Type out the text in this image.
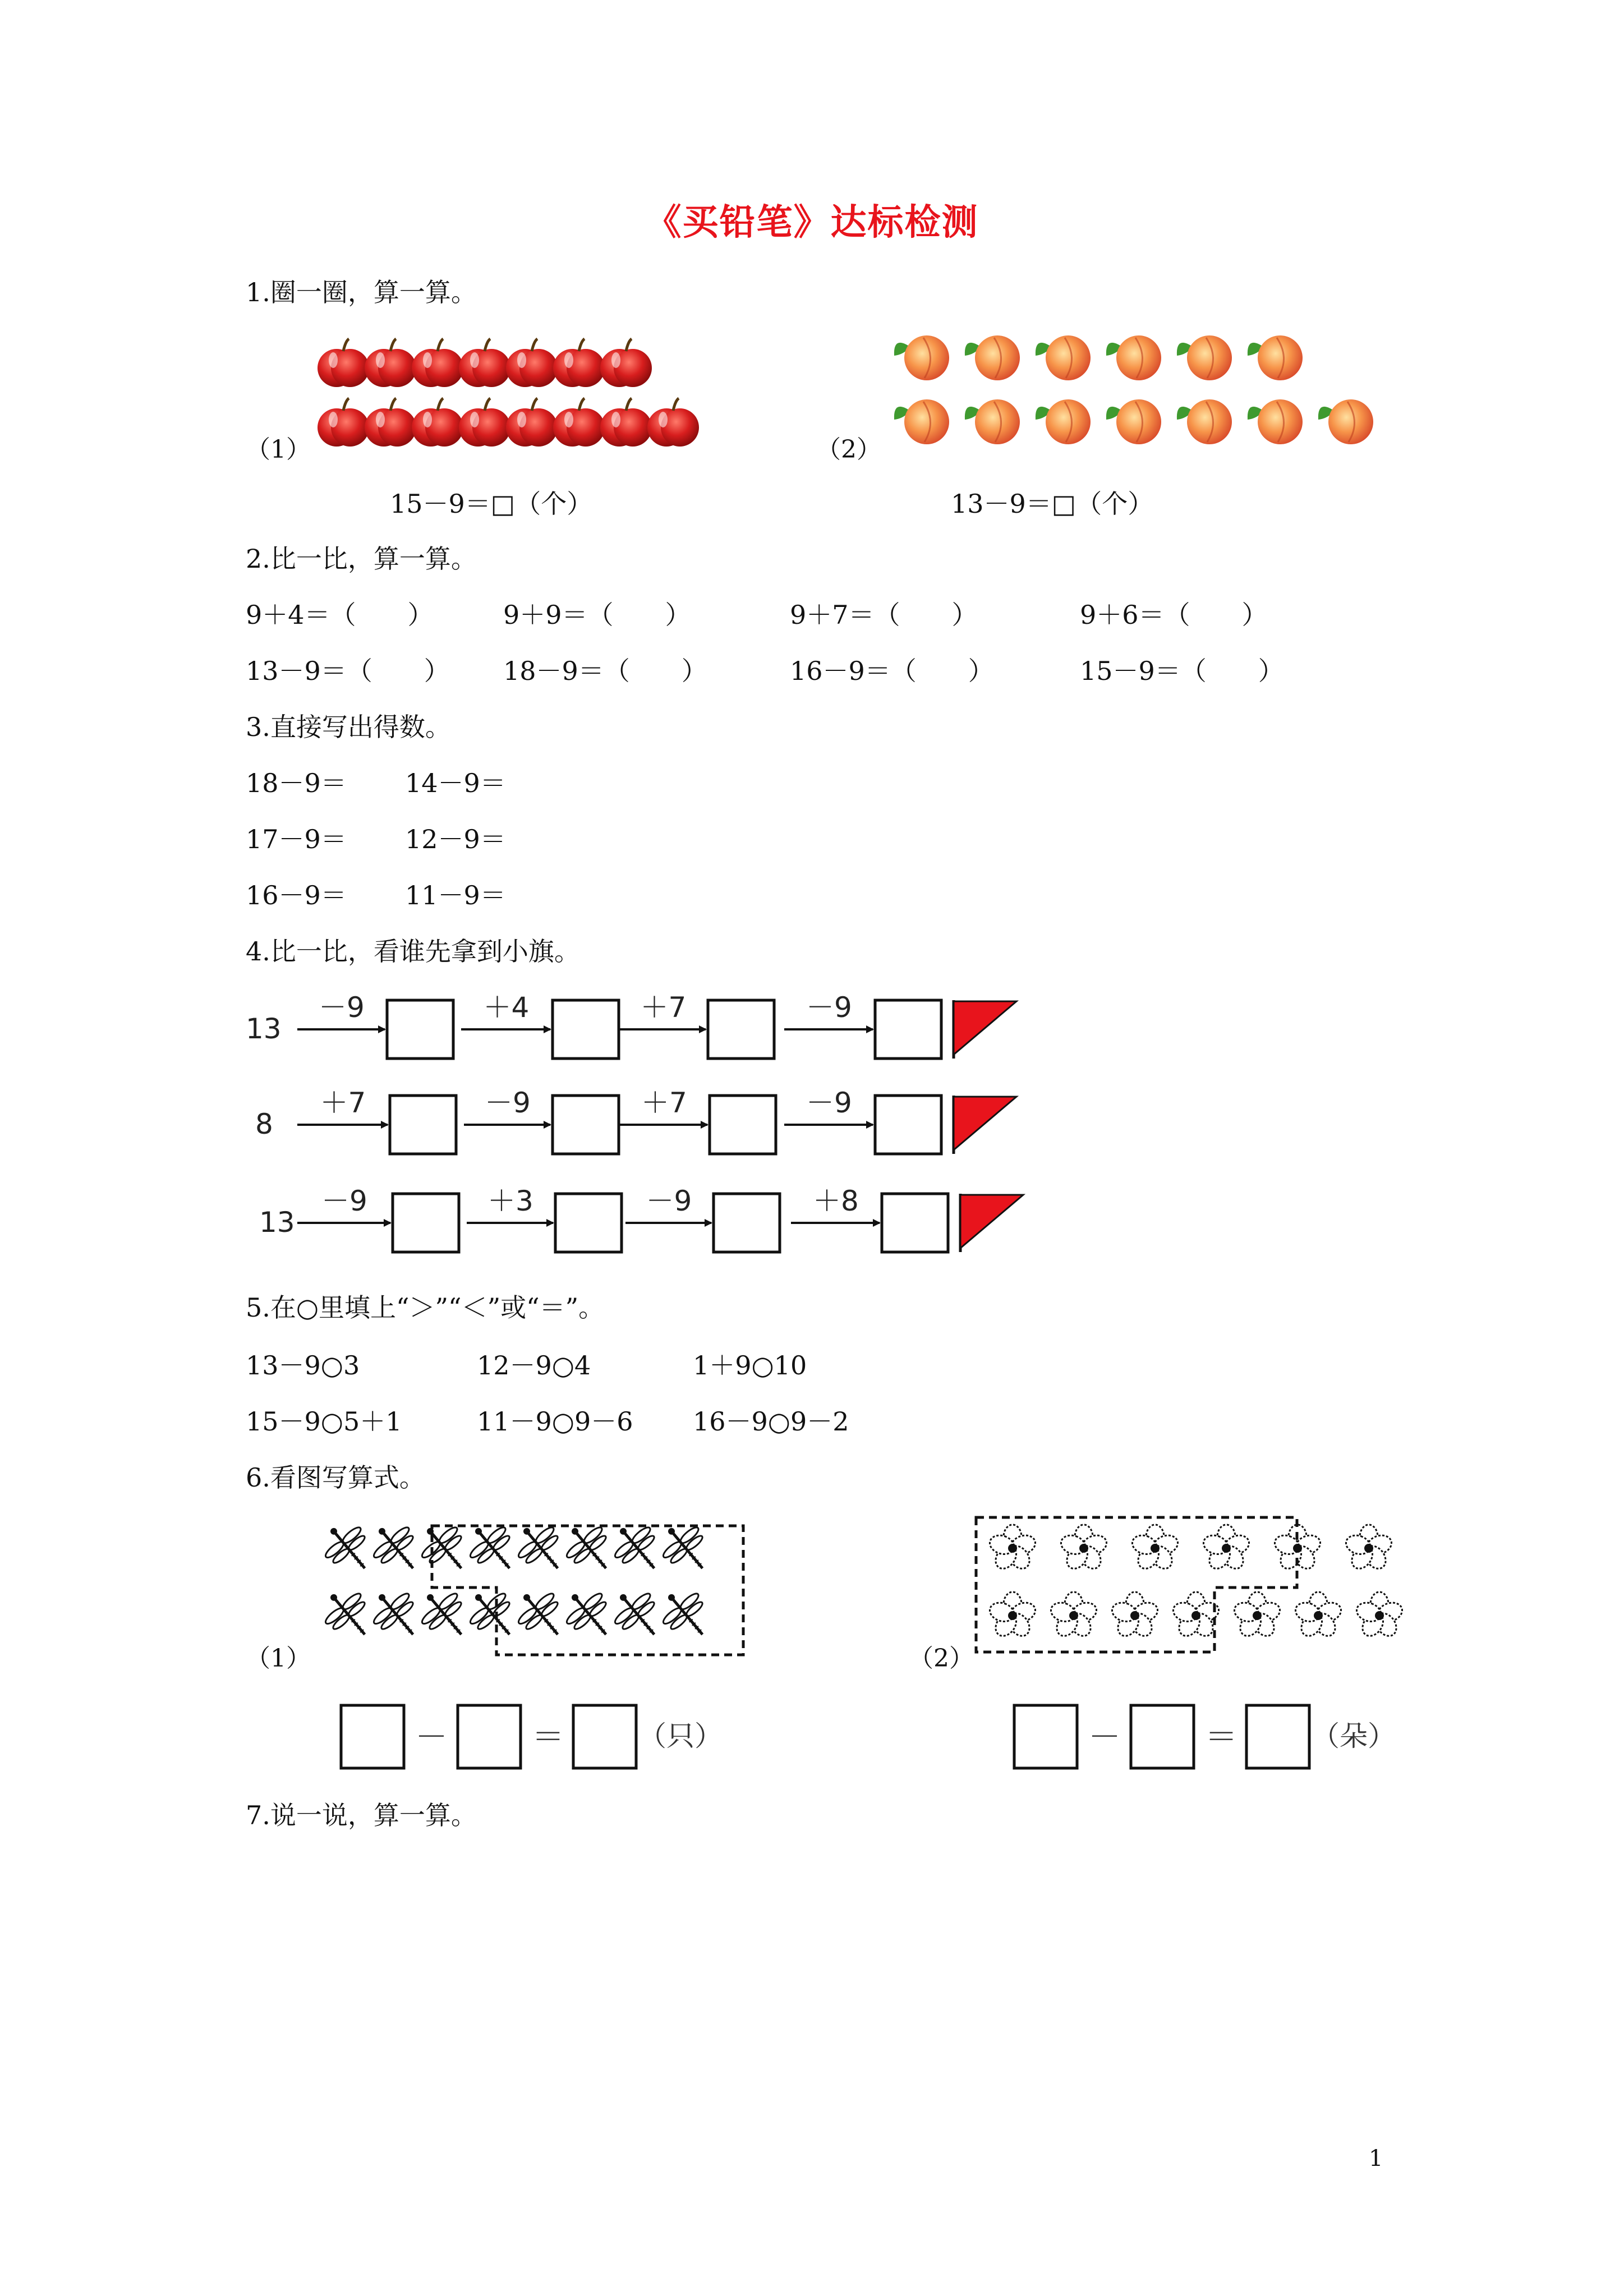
《买铅笔》达标检测
1.圈一圈，算一算。
（1）	（2）
15－9＝□（个）	13－9＝□（个）
2.比一比，算一算。
9＋4＝（　　）	9＋9＝（　　）	9＋7＝（　　）	9＋6＝（　　）
13－9＝（　　） 18－9＝（　　）	16－9＝（　　）	15－9＝（　　）
3.直接写出得数。
18－9＝ 14－9＝
17－9＝ 12－9＝
16－9＝ 11－9＝
4.比一比，看谁先拿到小旗。
5.在○里填上“＞”“＜”或“＝”。
13－9○3	12－9○4	1＋9○10
15－9○5＋1	11－9○9－6 16－9○9－2
6.看图写算式。
（1）	（2）
7.说一说，算一算。
1
13
－9	＋4	＋7	－9
8
＋7	－9	＋7	－9
13
－9	＋3	－9	＋8
－	＝	（只）	－	＝	（朵）
